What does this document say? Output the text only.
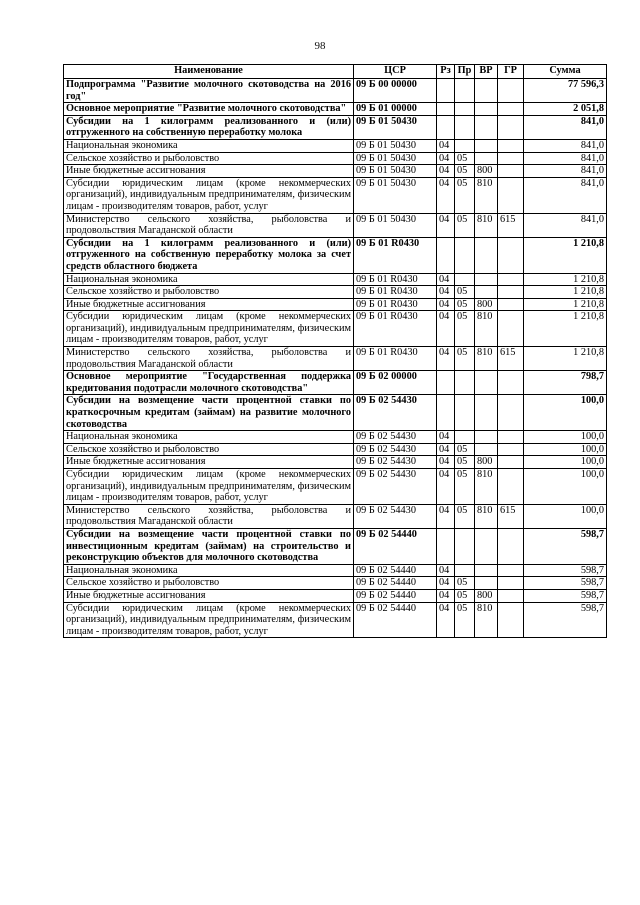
98
Наименование	ЦСР	Рз	Пр	ВР	ГР	Сумма
Подпрограмма "Развитие молочного скотоводства на 2016 год"	09 Б 00 00000					77 596,3
Основное мероприятие "Развитие молочного скотоводства"	09 Б 01 00000					2 051,8
Субсидии на 1 килограмм реализованного и (или) отгруженного на собственную переработку молока	09 Б 01 50430					841,0
Национальная экономика	09 Б 01 50430	04				841,0
Сельское хозяйство и рыболовство	09 Б 01 50430	04	05			841,0
Иные бюджетные ассигнования	09 Б 01 50430	04	05	800		841,0
Субсидии юридическим лицам (кроме некоммерческих организаций), индивидуальным предпринимателям, физическим лицам - производителям товаров, работ, услуг	09 Б 01 50430	04	05	810		841,0
Министерство сельского хозяйства, рыболовства и продовольствия Магаданской области	09 Б 01 50430	04	05	810	615	841,0
Субсидии на 1 килограмм реализованного и (или) отгруженного на собственную переработку молока за счет средств областного бюджета	09 Б 01 R0430					1 210,8
Национальная экономика	09 Б 01 R0430	04				1 210,8
Сельское хозяйство и рыболовство	09 Б 01 R0430	04	05			1 210,8
Иные бюджетные ассигнования	09 Б 01 R0430	04	05	800		1 210,8
Субсидии юридическим лицам (кроме некоммерческих организаций), индивидуальным предпринимателям, физическим лицам - производителям товаров, работ, услуг	09 Б 01 R0430	04	05	810		1 210,8
Министерство сельского хозяйства, рыболовства и продовольствия Магаданской области	09 Б 01 R0430	04	05	810	615	1 210,8
Основное мероприятие "Государственная поддержка кредитования подотрасли молочного скотоводства"	09 Б 02 00000					798,7
Субсидии на возмещение части процентной ставки по краткосрочным кредитам (займам) на развитие молочного скотоводства	09 Б 02 54430					100,0
Национальная экономика	09 Б 02 54430	04				100,0
Сельское хозяйство и рыболовство	09 Б 02 54430	04	05			100,0
Иные бюджетные ассигнования	09 Б 02 54430	04	05	800		100,0
Субсидии юридическим лицам (кроме некоммерческих организаций), индивидуальным предпринимателям, физическим лицам - производителям товаров, работ, услуг	09 Б 02 54430	04	05	810		100,0
Министерство сельского хозяйства, рыболовства и продовольствия Магаданской области	09 Б 02 54430	04	05	810	615	100,0
Субсидии на возмещение части процентной ставки по инвестиционным кредитам (займам) на строительство и реконструкцию объектов для молочного скотоводства	09 Б 02 54440					598,7
Национальная экономика	09 Б 02 54440	04				598,7
Сельское хозяйство и рыболовство	09 Б 02 54440	04	05			598,7
Иные бюджетные ассигнования	09 Б 02 54440	04	05	800		598,7
Субсидии юридическим лицам (кроме некоммерческих организаций), индивидуальным предпринимателям, физическим лицам - производителям товаров, работ, услуг	09 Б 02 54440	04	05	810		598,7
